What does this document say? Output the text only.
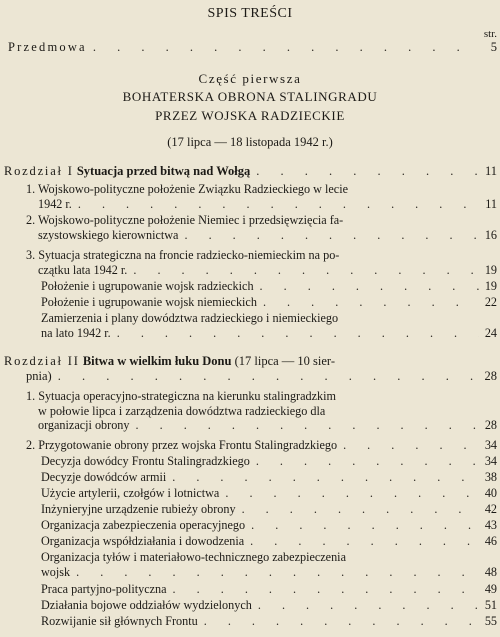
SPIS TREŚCI
str.
Przedmowa . . .	5
Część pierwsza
BOHATERSKA OBRONA STALINGRADU
PRZEZ WOJSKA RADZIECKIE
(17 lipca — 18 listopada 1942 r.)
Rozdział I
Sytuacja przed bitwą nad Wołgą . . .	11
1. Wojskowo-polityczne położenie Związku Radzieckiego w lecie
1942 r. . . .	11
2. Wojskowo-polityczne położenie Niemiec i przedsięwzięcia fa-
szystowskiego kierownictwa . . .	16
3. Sytuacja strategiczna na froncie radziecko-niemieckim na po-
czątku lata 1942 r. . . .	19
Położenie i ugrupowanie wojsk radzieckich . . .	19
Położenie i ugrupowanie wojsk niemieckich . . .	22
Zamierzenia i plany dowództwa radzieckiego i niemieckiego
na lato 1942 r. . . .	24
Rozdział II
Bitwa w wielkim łuku Donu
(17 lipca — 10 sier-
pnia) . . .	28
1. Sytuacja operacyjno-strategiczna na kierunku stalingradzkim
w połowie lipca i zarządzenia dowództwa radzieckiego dla
organizacji obrony . . .	28
2. Przygotowanie obrony przez wojska Frontu Stalingradzkiego . . .	34
Decyzja dowódcy Frontu Stalingradzkiego . . .	34
Decyzje dowódców armii . . .	38
Użycie artylerii, czołgów i lotnictwa . . .	40
Inżynieryjne urządzenie rubieży obrony . . .	42
Organizacja zabezpieczenia operacyjnego . . .	43
Organizacja współdziałania i dowodzenia . . .	46
Organizacja tyłów i materiałowo-technicznego zabezpieczenia
wojsk . . .	48
Praca partyjno-polityczna . . .	49
Działania bojowe oddziałów wydzielonych . . .	51
Rozwijanie sił głównych Frontu . . .	55
